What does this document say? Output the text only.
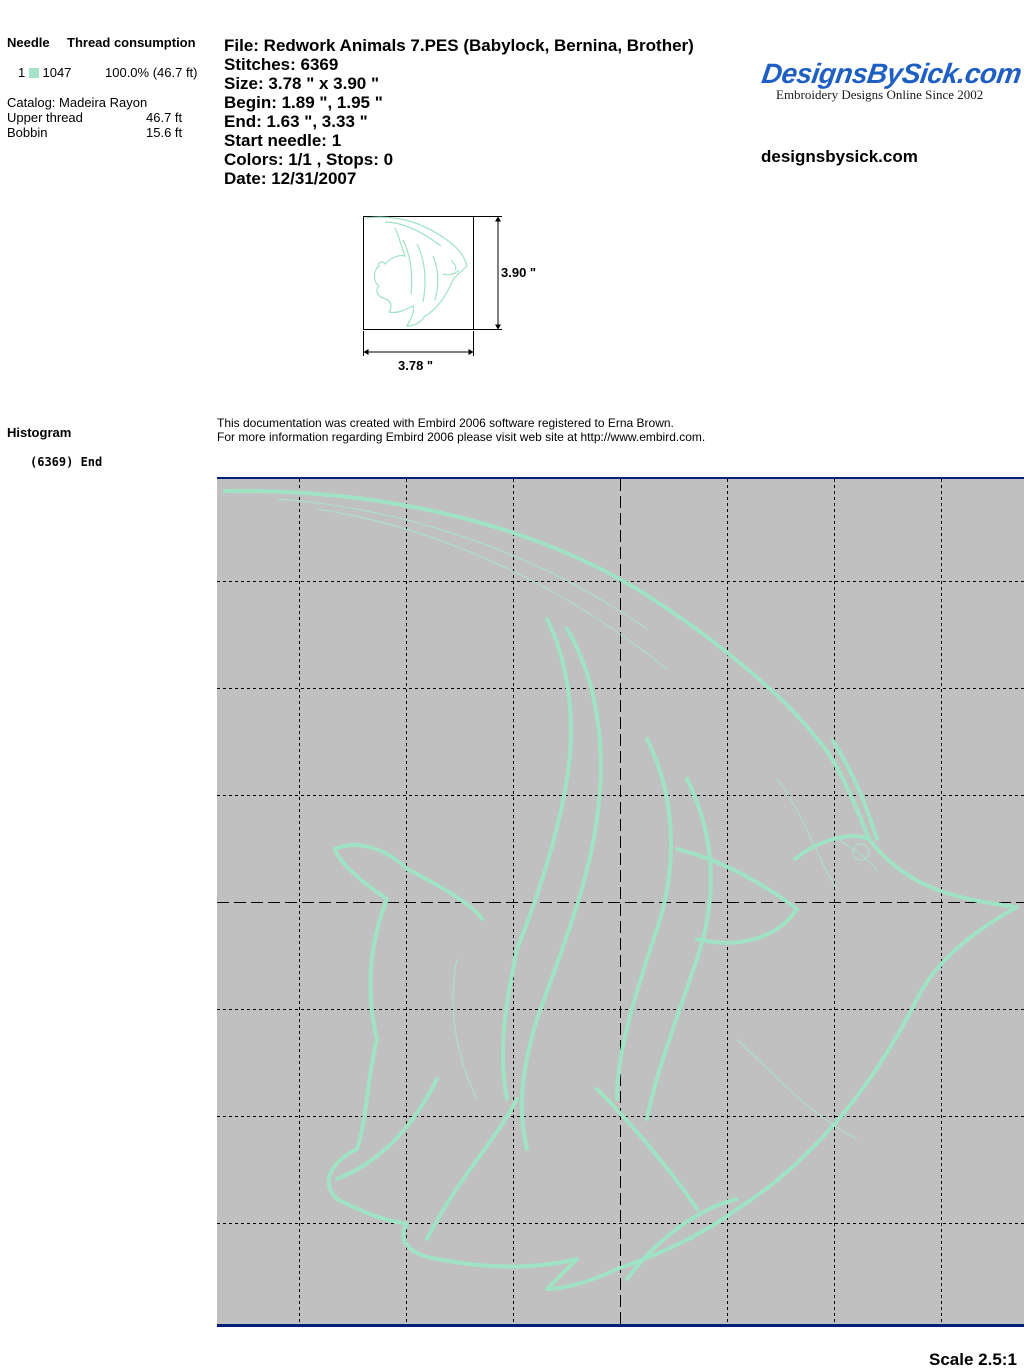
Needle Thread consumption
1 1047	100.0% (46.7 ft)
Catalog: Madeira Rayon
Upper thread	46.7 ft
Bobbin	15.6 ft
File: Redwork Animals 7.PES (Babylock, Bernina, Brother)
Stitches: 6369
Size: 3.78 " x 3.90 "
Begin: 1.89 ", 1.95 "
End: 1.63 ", 3.33 "
Start needle: 1
Colors: 1/1 , Stops: 0
Date: 12/31/2007
DesignsBySick.com
Embroidery Designs Online Since 2002
designsbysick.com
3.90 "
3.78 "
Histogram
(6369) End
This documentation was created with Embird 2006 software registered to Erna Brown.
For more information regarding Embird 2006 please visit web site at http://www.embird.com.
Scale 2.5:1
